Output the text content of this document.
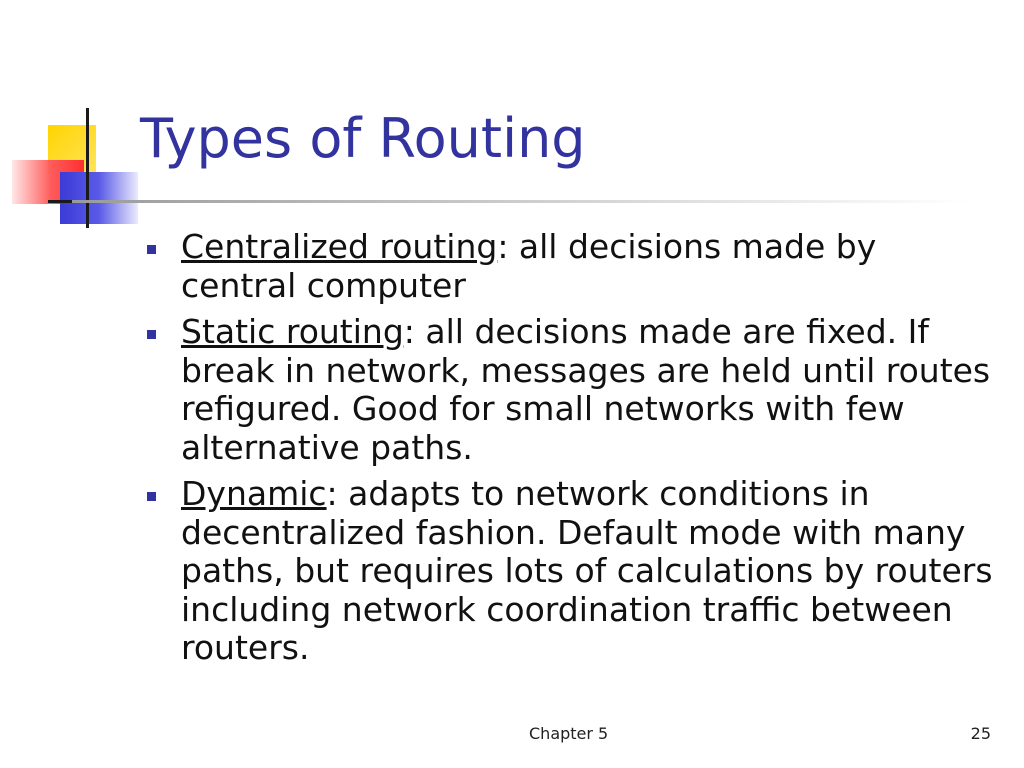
Types of Routing
Centralized routing: all decisions made by central computer
Static routing: all decisions made are fixed. If break in network, messages are held until routes refigured. Good for small networks with few alternative paths.
Dynamic: adapts to network conditions in decentralized fashion. Default mode with many paths, but requires lots of calculations by routers including network coordination traffic between routers.
Chapter 5	25
